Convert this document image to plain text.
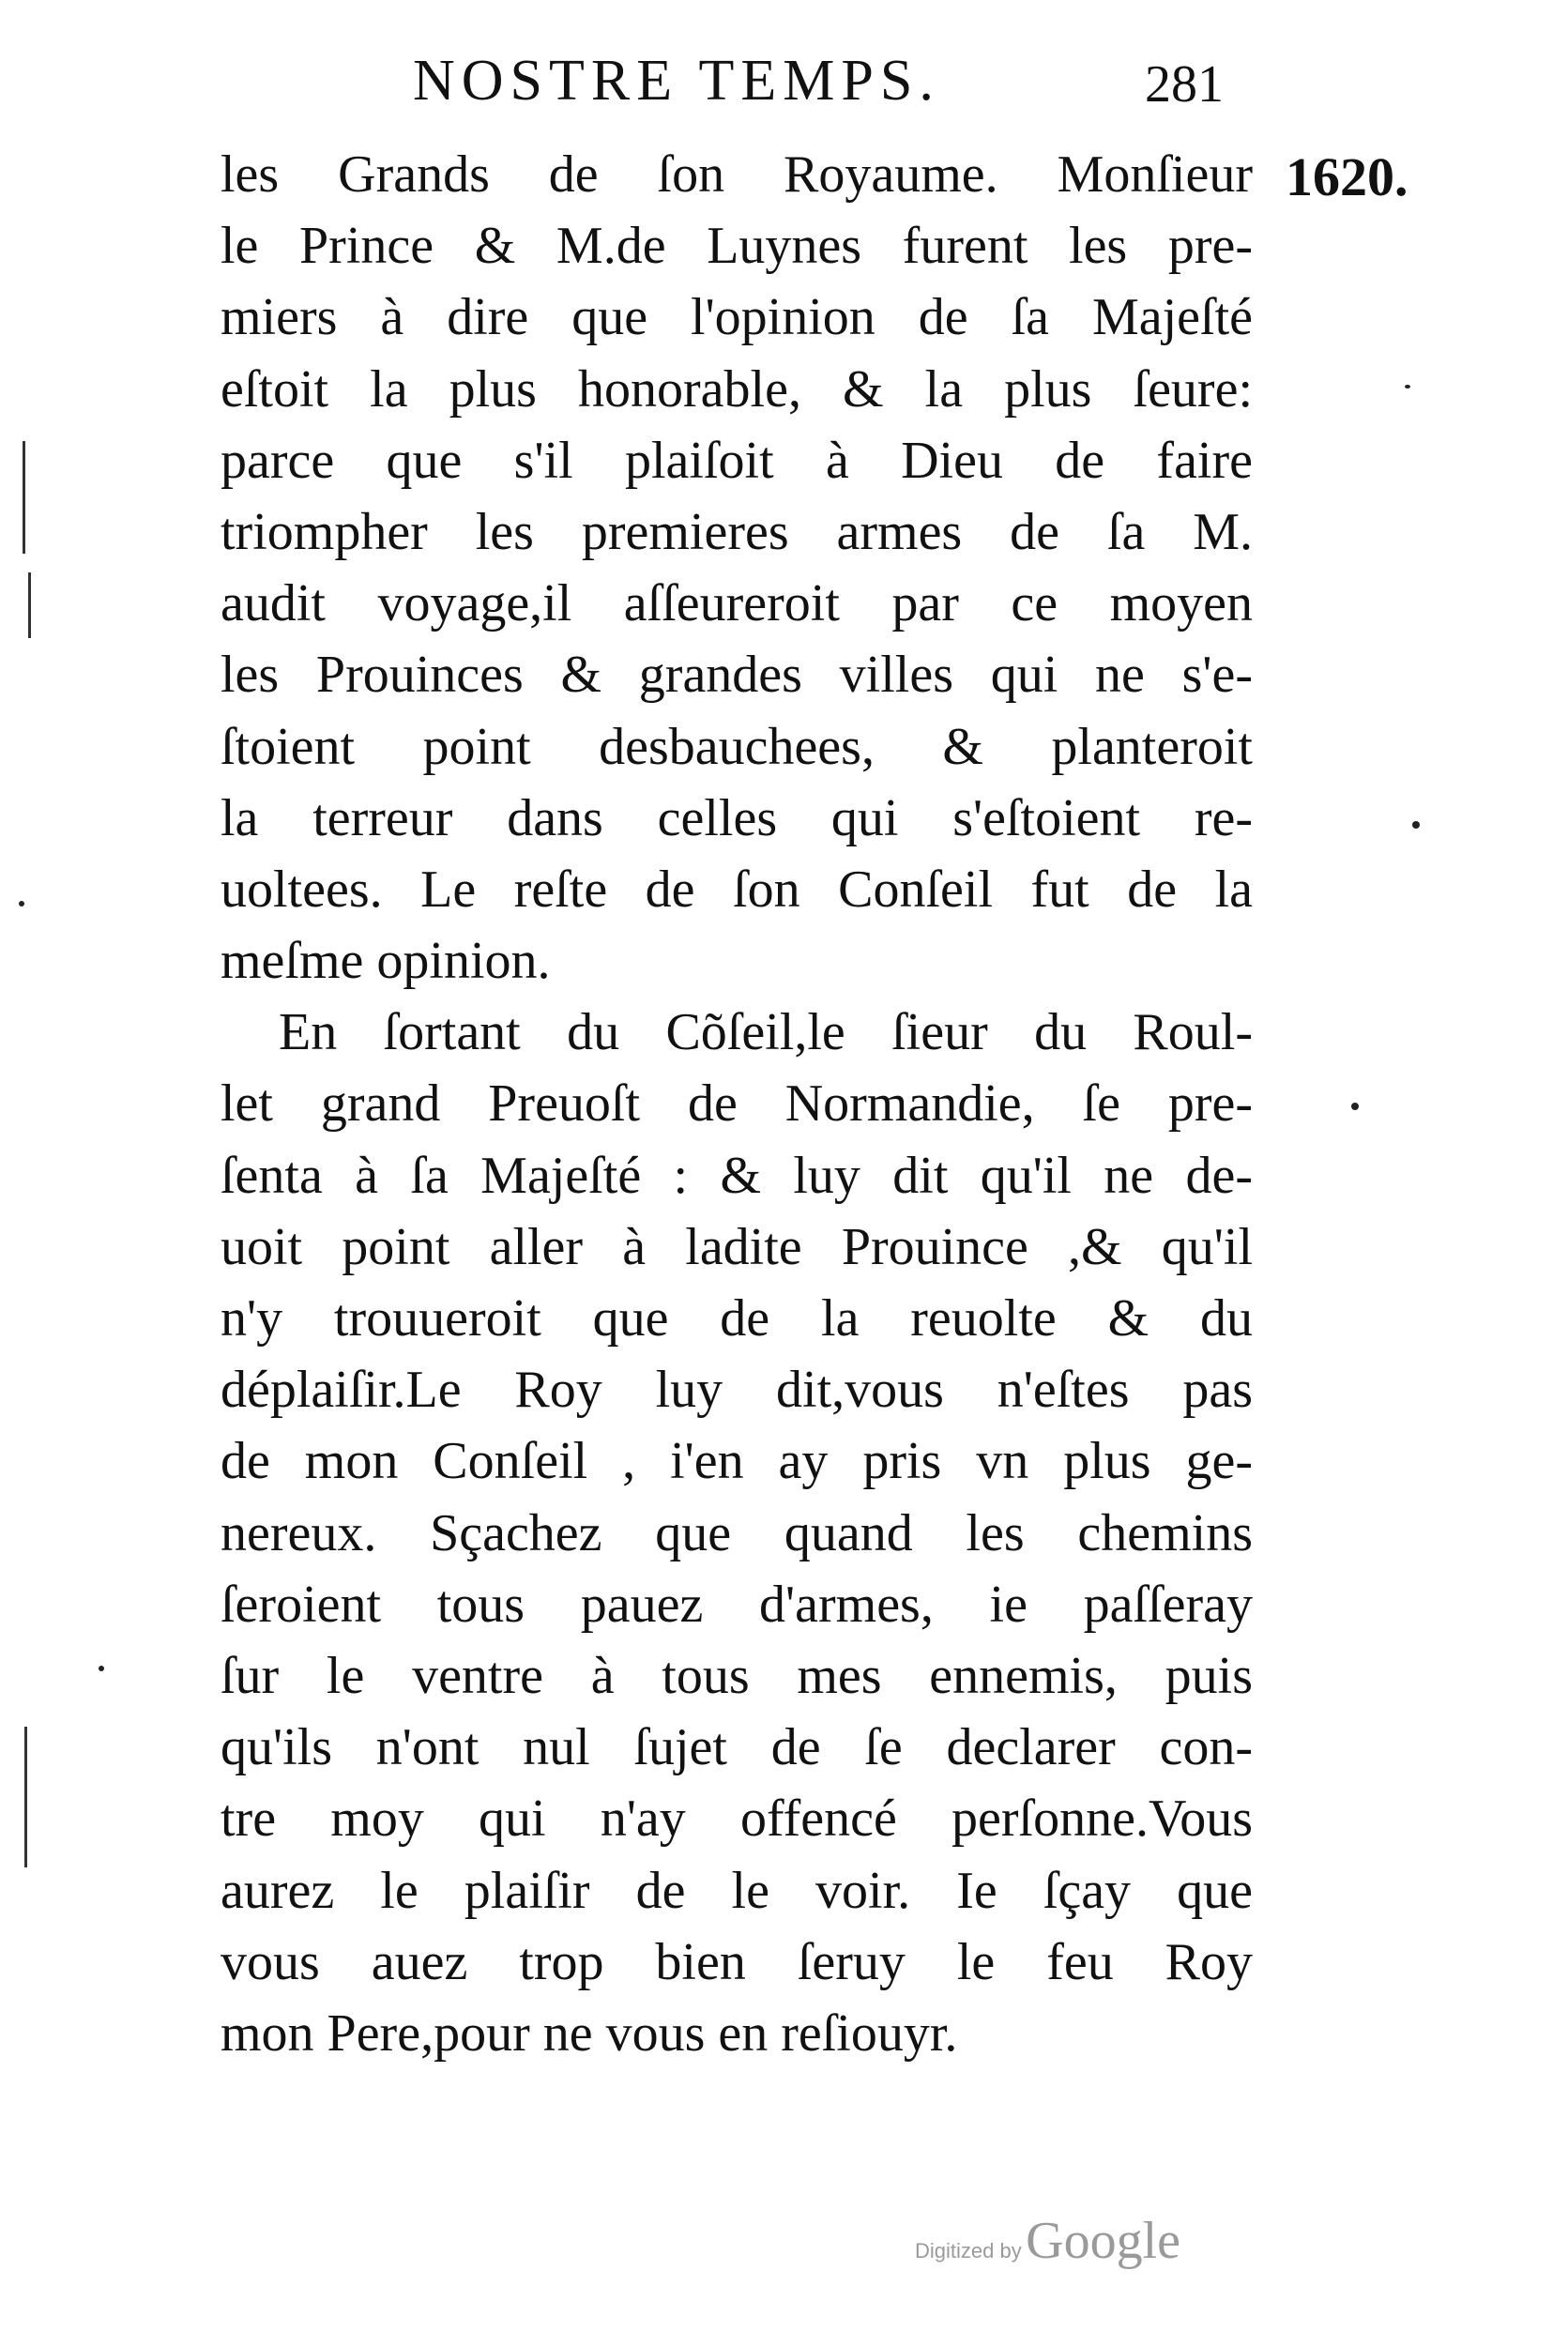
NOSTRE TEMPS.	281
1620.
les Grands de ſon Royaume. Monſieur
le Prince & M.de Luynes furent les pre-
miers à dire que l'opinion de ſa Majeſté
eſtoit la plus honorable, & la plus ſeure:
parce que s'il plaiſoit à Dieu de faire
triompher les premieres armes de ſa M.
audit voyage,il aſſeureroit par ce moyen
les Prouinces & grandes villes qui ne s'e-
ſtoient point desbauchees, & planteroit
la terreur dans celles qui s'eſtoient re-
uoltees. Le reſte de ſon Conſeil fut de la
meſme opinion.
En ſortant du Cõſeil,le ſieur du Roul-
let grand Preuoſt de Normandie, ſe pre-
ſenta à ſa Majeſté : & luy dit qu'il ne de-
uoit point aller à ladite Prouince ,& qu'il
n'y trouueroit que de la reuolte & du
déplaiſir.Le Roy luy dit,vous n'eſtes pas
de mon Conſeil , i'en ay pris vn plus ge-
nereux. Sçachez que quand les chemins
ſeroient tous pauez d'armes, ie paſſeray
ſur le ventre à tous mes ennemis, puis
qu'ils n'ont nul ſujet de ſe declarer con-
tre moy qui n'ay offencé perſonne.Vous
aurez le plaiſir de le voir. Ie ſçay que
vous auez trop bien ſeruy le feu Roy
mon Pere,pour ne vous en reſiouyr.
Digitized by Google
